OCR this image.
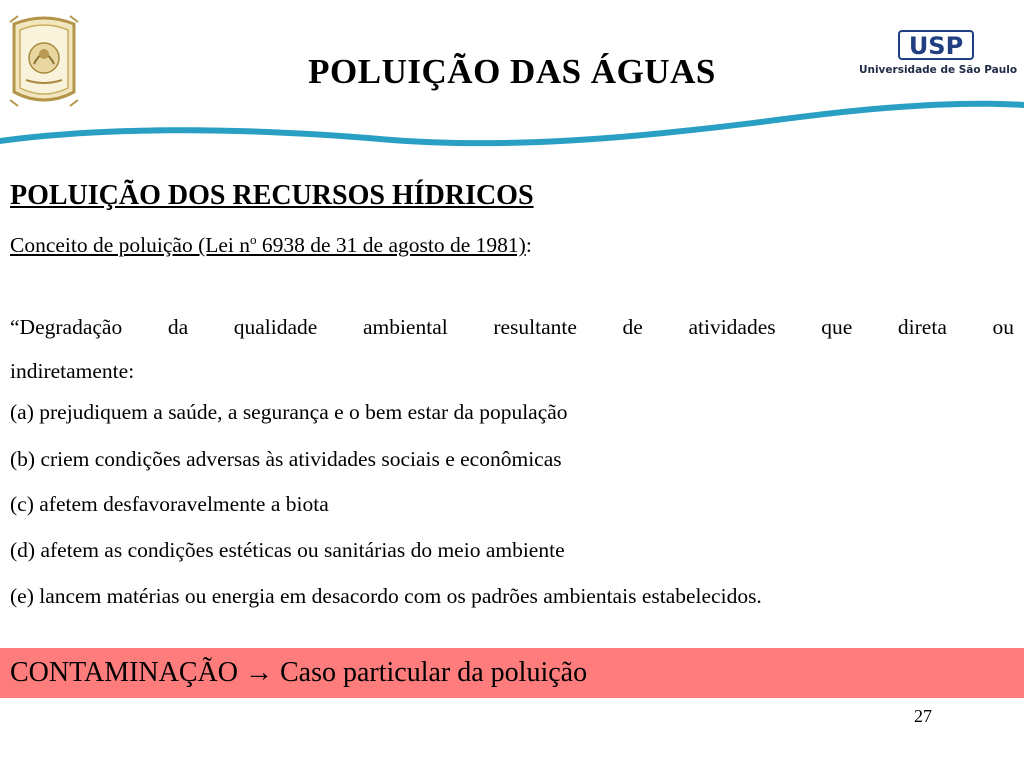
POLUIÇÃO DAS ÁGUAS
USP
Universidade de São Paulo
POLUIÇÃO DOS RECURSOS HÍDRICOS
Conceito de poluição (Lei $n^o$ 6938 de 31 de agosto de 1981):
“Degradação da qualidade ambiental resultante de atividades que direta ou
indiretamente:
(a) prejudiquem a saúde, a segurança e o bem estar da população
(b) criem condições adversas às atividades sociais e econômicas
(c) afetem desfavoravelmente a biota
(d) afetem as condições estéticas ou sanitárias do meio ambiente
(e) lancem matérias ou energia em desacordo com os padrões ambientais estabelecidos.
CONTAMINAÇÃO → Caso particular da poluição
27
